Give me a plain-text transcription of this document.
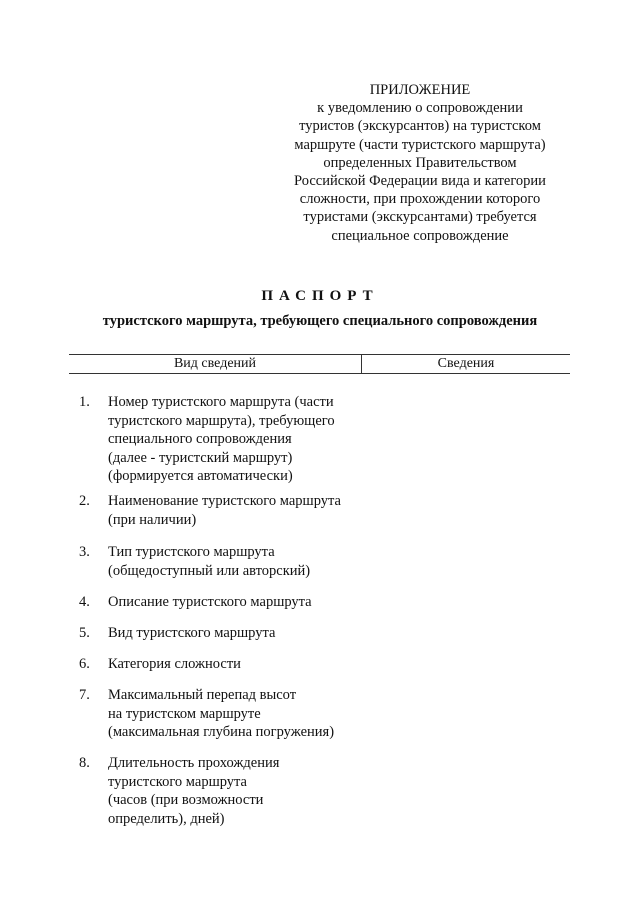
ПРИЛОЖЕНИЕ
к уведомлению о сопровождении
туристов (экскурсантов) на туристском
маршруте (части туристского маршрута)
определенных Правительством
Российской Федерации вида и категории
сложности, при прохождении которого
туристами (экскурсантами) требуется
специальное сопровождение
ПАСПОРТ
туристского маршрута, требующего специального сопровождения
Вид сведений	Сведения
1.	Номер туристского маршрута (части
туристского маршрута), требующего
специального сопровождения
(далее - туристский маршрут)
(формируется автоматически)
2.	Наименование туристского маршрута
(при наличии)
3.	Тип туристского маршрута
(общедоступный или авторский)
4.	Описание туристского маршрута
5.	Вид туристского маршрута
6.	Категория сложности
7.	Максимальный перепад высот
на туристском маршруте
(максимальная глубина погружения)
8.	Длительность прохождения
туристского маршрута
(часов (при возможности
определить), дней)
